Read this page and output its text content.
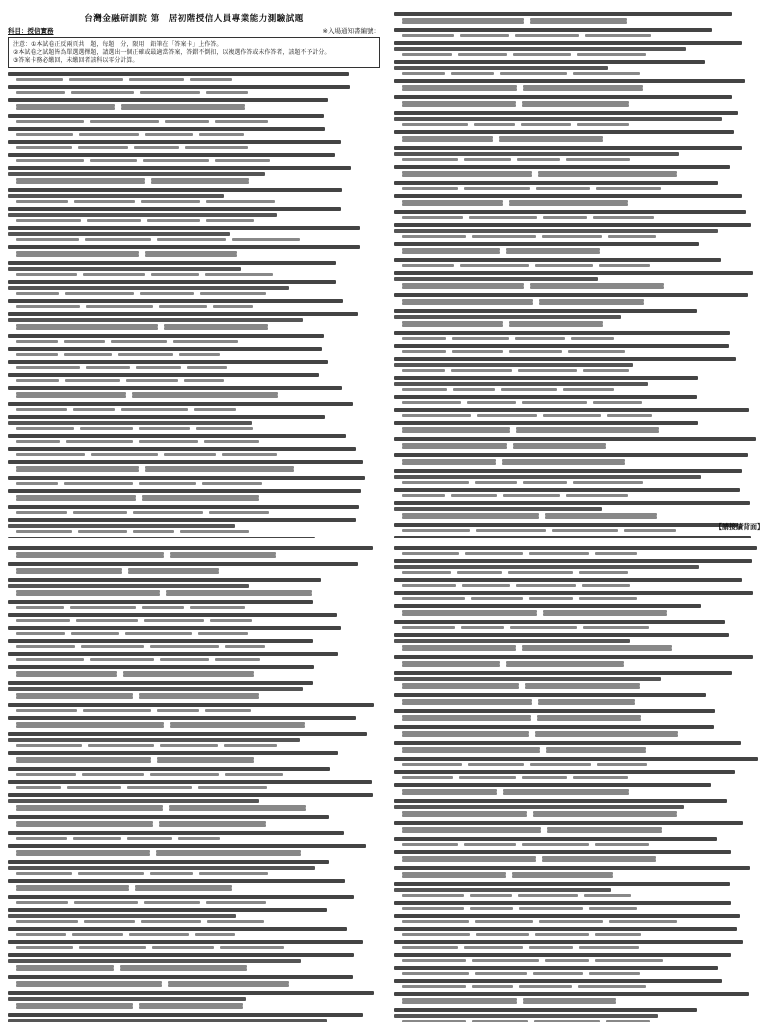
台灣金融研訓院 第　居初階授信人員專業能力測驗試題
科目：授信實務	※入場通知書編號：
注意：①本試卷正反兩頁共　題，每題　分，限用　鉛筆在「答案卡」上作答。
②本試卷之試題皆為單選選擇題，請選出一個正確或最適當答案，答錯不倒扣，以複選作答或未作答者，該題不予計分。
③答案卡務必繳回，未繳回者該科以零分計算。
【請接續背面】
